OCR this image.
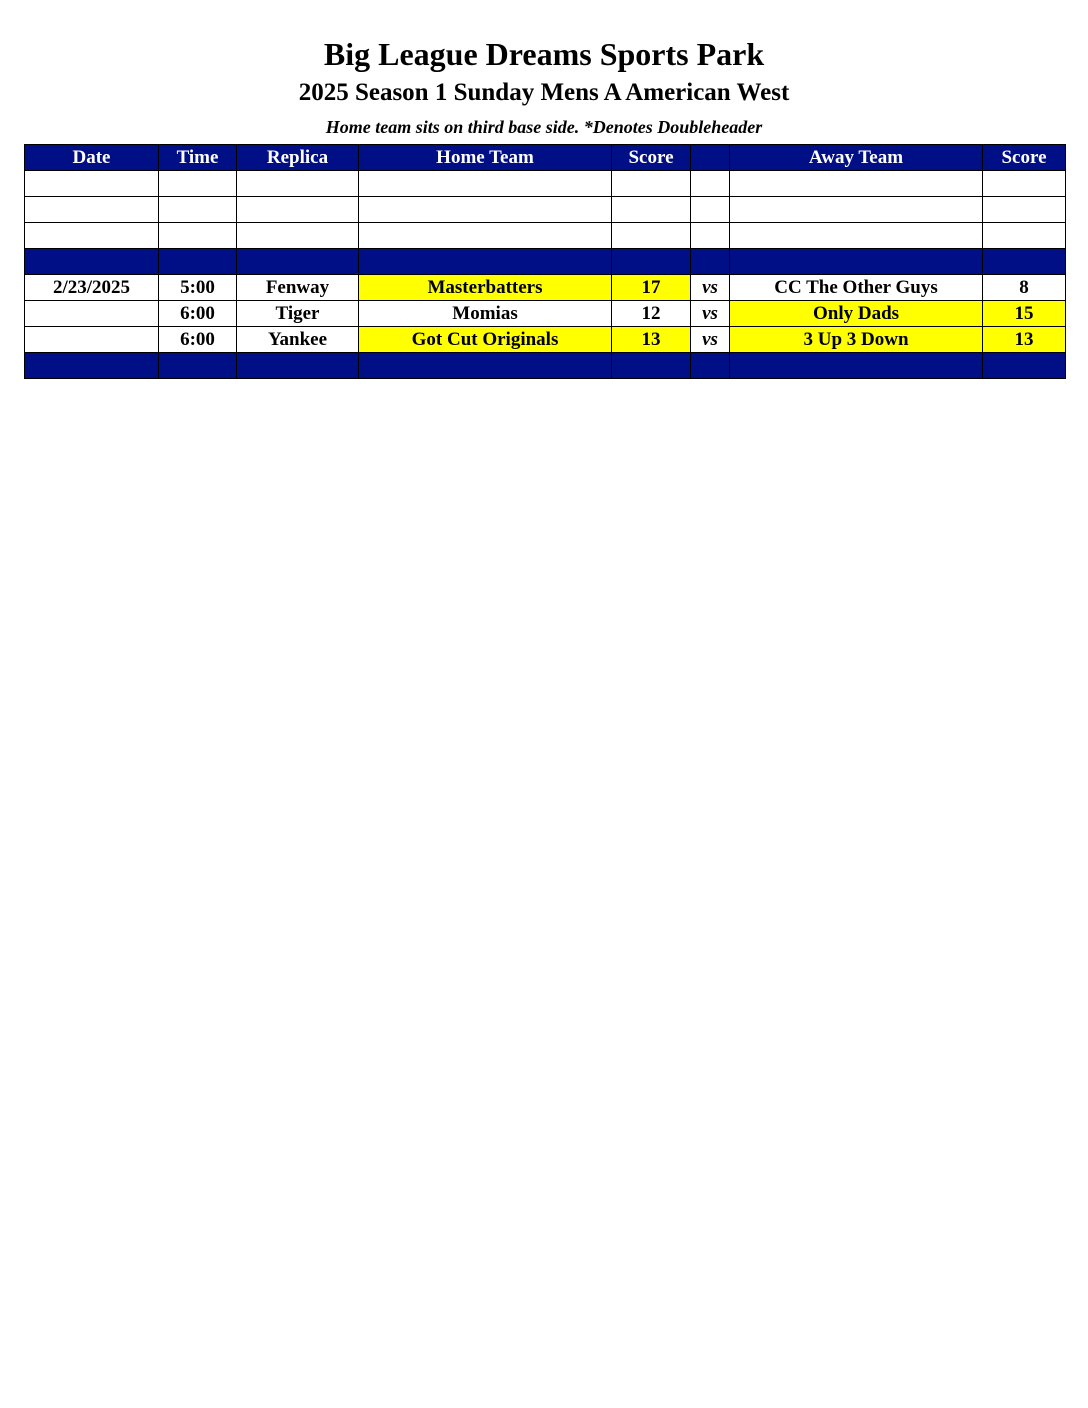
Big League Dreams Sports Park
2025 Season 1 Sunday Mens A American West
Home team sits on third base side. *Denotes Doubleheader
Date	Time	Replica	Home Team	Score		Away Team	Score

2/23/2025	5:00	Fenway	Masterbatters	17	vs	CC The Other Guys	8
	6:00	Tiger	Momias	12	vs	Only Dads	15
	6:00	Yankee	Got Cut Originals	13	vs	3 Up 3 Down	13
